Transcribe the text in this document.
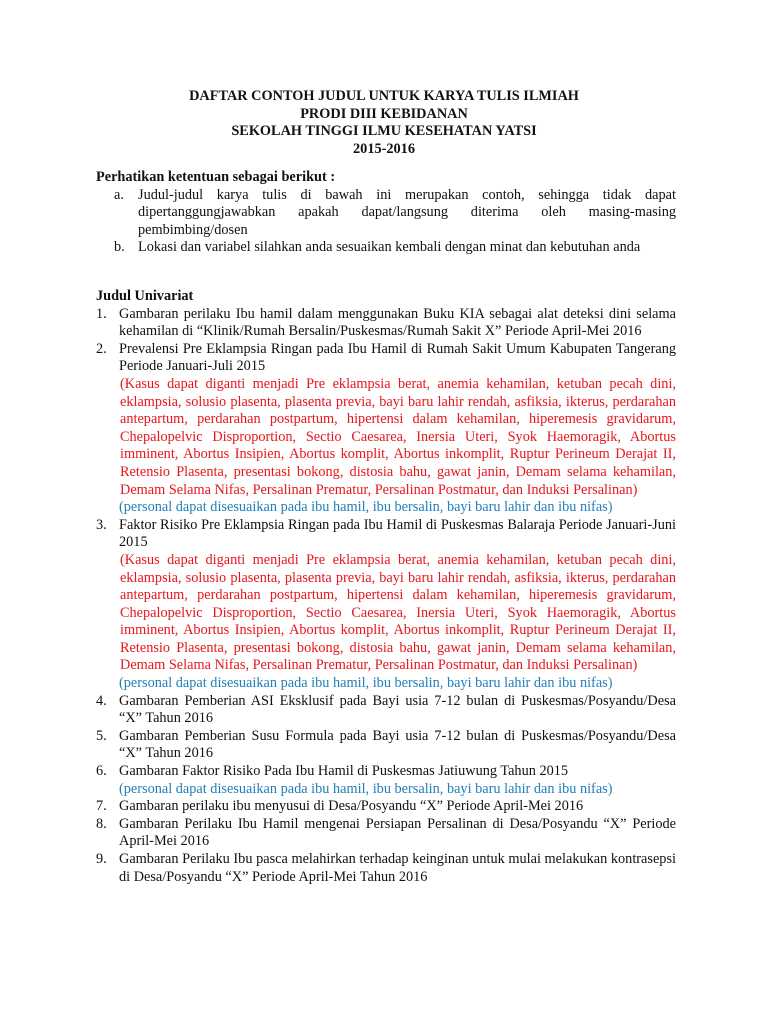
DAFTAR CONTOH JUDUL UNTUK KARYA TULIS ILMIAH
PRODI DIII KEBIDANAN
SEKOLAH TINGGI ILMU KESEHATAN YATSI
2015-2016
Perhatikan ketentuan sebagai berikut :
a. Judul-judul karya tulis di bawah ini merupakan contoh, sehingga tidak dapat dipertanggungjawabkan apakah dapat/langsung diterima oleh masing-masing pembimbing/dosen
b. Lokasi dan variabel silahkan anda sesuaikan kembali dengan minat dan kebutuhan anda
Judul Univariat
1. Gambaran perilaku Ibu hamil dalam menggunakan Buku KIA sebagai alat deteksi dini selama kehamilan di “Klinik/Rumah Bersalin/Puskesmas/Rumah Sakit X” Periode April-Mei 2016
2. Prevalensi Pre Eklampsia Ringan pada Ibu Hamil di Rumah Sakit Umum Kabupaten Tangerang Periode Januari-Juli 2015
(Kasus dapat diganti menjadi Pre eklampsia berat, anemia kehamilan, ketuban pecah dini, eklampsia, solusio plasenta, plasenta previa, bayi baru lahir rendah, asfiksia, ikterus, perdarahan antepartum, perdarahan postpartum, hipertensi dalam kehamilan, hiperemesis gravidarum, Chepalopelvic Disproportion, Sectio Caesarea, Inersia Uteri, Syok Haemoragik, Abortus imminent, Abortus Insipien, Abortus komplit, Abortus inkomplit, Ruptur Perineum Derajat II, Retensio Plasenta, presentasi bokong, distosia bahu, gawat janin, Demam selama kehamilan, Demam Selama Nifas, Persalinan Prematur, Persalinan Postmatur, dan Induksi Persalinan)
(personal dapat disesuaikan pada ibu hamil, ibu bersalin, bayi baru lahir dan ibu nifas)
3. Faktor Risiko Pre Eklampsia Ringan pada Ibu Hamil di Puskesmas Balaraja Periode Januari-Juni 2015
(Kasus dapat diganti menjadi Pre eklampsia berat, anemia kehamilan, ketuban pecah dini, eklampsia, solusio plasenta, plasenta previa, bayi baru lahir rendah, asfiksia, ikterus, perdarahan antepartum, perdarahan postpartum, hipertensi dalam kehamilan, hiperemesis gravidarum, Chepalopelvic Disproportion, Sectio Caesarea, Inersia Uteri, Syok Haemoragik, Abortus imminent, Abortus Insipien, Abortus komplit, Abortus inkomplit, Ruptur Perineum Derajat II, Retensio Plasenta, presentasi bokong, distosia bahu, gawat janin, Demam selama kehamilan, Demam Selama Nifas, Persalinan Prematur, Persalinan Postmatur, dan Induksi Persalinan)
(personal dapat disesuaikan pada ibu hamil, ibu bersalin, bayi baru lahir dan ibu nifas)
4. Gambaran Pemberian ASI Eksklusif pada Bayi usia 7-12 bulan di Puskesmas/Posyandu/Desa “X” Tahun 2016
5. Gambaran Pemberian Susu Formula pada Bayi usia 7-12 bulan di Puskesmas/Posyandu/Desa “X” Tahun 2016
6. Gambaran Faktor Risiko Pada Ibu Hamil di Puskesmas Jatiuwung Tahun 2015
(personal dapat disesuaikan pada ibu hamil, ibu bersalin, bayi baru lahir dan ibu nifas)
7. Gambaran perilaku ibu menyusui di Desa/Posyandu “X” Periode April-Mei 2016
8. Gambaran Perilaku Ibu Hamil mengenai Persiapan Persalinan di Desa/Posyandu “X” Periode April-Mei 2016
9. Gambaran Perilaku Ibu pasca melahirkan terhadap keinginan untuk mulai melakukan kontrasepsi di Desa/Posyandu “X” Periode April-Mei Tahun 2016
